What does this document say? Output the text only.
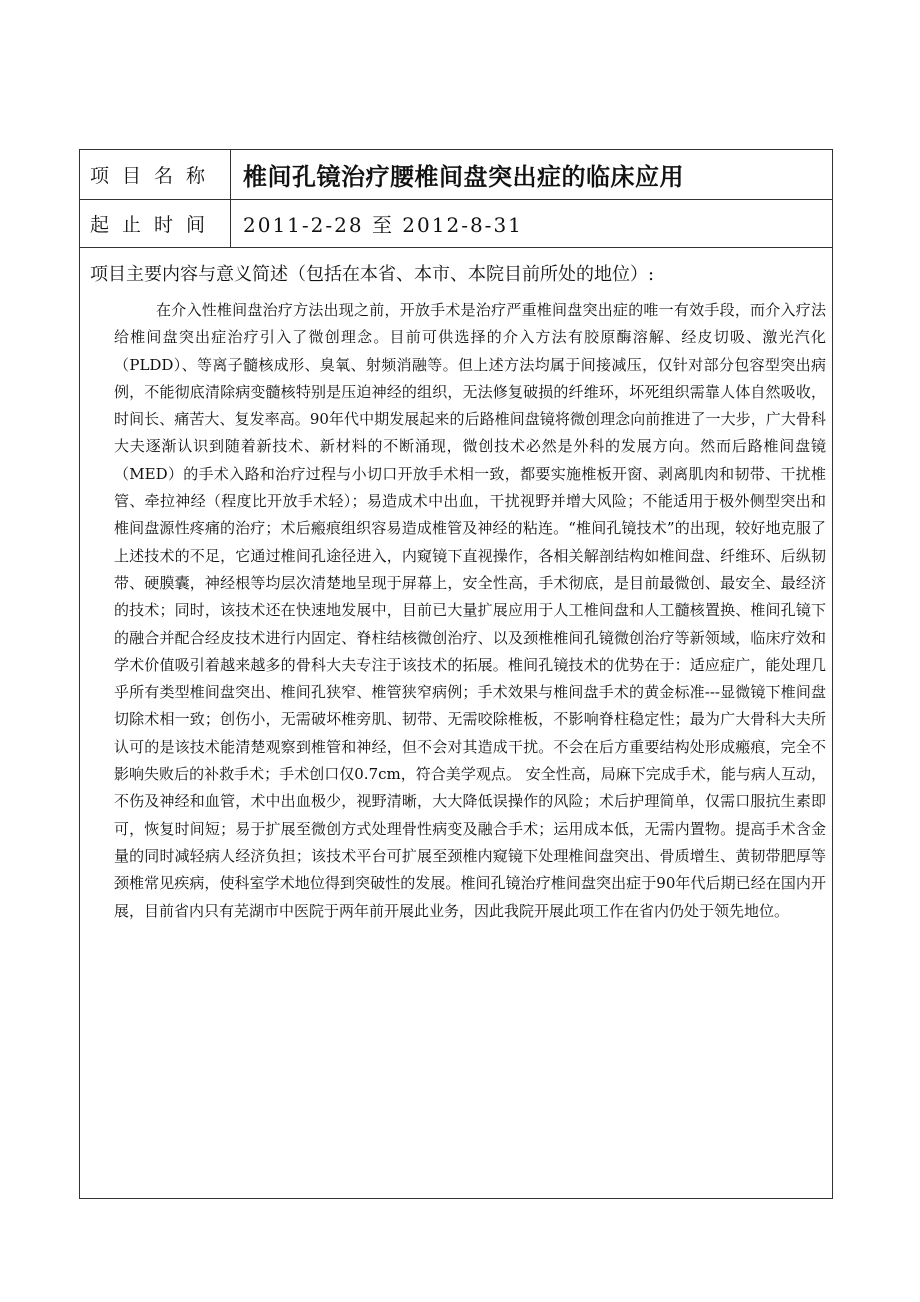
项目名称	椎间孔镜治疗腰椎间盘突出症的临床应用
起止时间	2011-2-28 至 2012-8-31
项目主要内容与意义简述（包括在本省、本市、本院目前所处的地位）:

在介入性椎间盘治疗方法出现之前，开放手术是治疗严重椎间盘突出症的唯一有效手段，而介入疗法给椎间盘突出症治疗引入了微创理念。目前可供选择的介入方法有胶原酶溶解、经皮切吸、激光汽化（PLDD）、等离子髓核成形、臭氧、射频消融等。但上述方法均属于间接减压，仅针对部分包容型突出病例，不能彻底清除病变髓核特别是压迫神经的组织，无法修复破损的纤维环，坏死组织需靠人体自然吸收，时间长、痛苦大、复发率高。90年代中期发展起来的后路椎间盘镜将微创理念向前推进了一大步，广大骨科大夫逐渐认识到随着新技术、新材料的不断涌现，微创技术必然是外科的发展方向。然而后路椎间盘镜（MED）的手术入路和治疗过程与小切口开放手术相一致，都要实施椎板开窗、剥离肌肉和韧带、干扰椎管、牵拉神经（程度比开放手术轻）；易造成术中出血，干扰视野并增大风险；不能适用于极外侧型突出和椎间盘源性疼痛的治疗；术后瘢痕组织容易造成椎管及神经的粘连。“椎间孔镜技术”的出现，较好地克服了上述技术的不足，它通过椎间孔途径进入，内窥镜下直视操作，各相关解剖结构如椎间盘、纤维环、后纵韧带、硬膜囊，神经根等均层次清楚地呈现于屏幕上，安全性高，手术彻底，是目前最微创、最安全、最经济的技术；同时，该技术还在快速地发展中，目前已大量扩展应用于人工椎间盘和人工髓核置换、椎间孔镜下的融合并配合经皮技术进行内固定、脊柱结核微创治疗、以及颈椎椎间孔镜微创治疗等新领域，临床疗效和学术价值吸引着越来越多的骨科大夫专注于该技术的拓展。椎间孔镜技术的优势在于：适应症广，能处理几乎所有类型椎间盘突出、椎间孔狭窄、椎管狭窄病例；手术效果与椎间盘手术的黄金标准---显微镜下椎间盘切除术相一致；创伤小，无需破坏椎旁肌、韧带、无需咬除椎板，不影响脊柱稳定性；最为广大骨科大夫所认可的是该技术能清楚观察到椎管和神经，但不会对其造成干扰。不会在后方重要结构处形成瘢痕，完全不影响失败后的补救手术；手术创口仅0.7cm，符合美学观点。 安全性高，局麻下完成手术，能与病人互动，不伤及神经和血管，术中出血极少，视野清晰，大大降低误操作的风险；术后护理简单，仅需口服抗生素即可，恢复时间短；易于扩展至微创方式处理骨性病变及融合手术；运用成本低，无需内置物。提高手术含金量的同时减轻病人经济负担；该技术平台可扩展至颈椎内窥镜下处理椎间盘突出、骨质增生、黄韧带肥厚等颈椎常见疾病，使科室学术地位得到突破性的发展。椎间孔镜治疗椎间盘突出症于90年代后期已经在国内开展，目前省内只有芜湖市中医院于两年前开展此业务，因此我院开展此项工作在省内仍处于领先地位。
